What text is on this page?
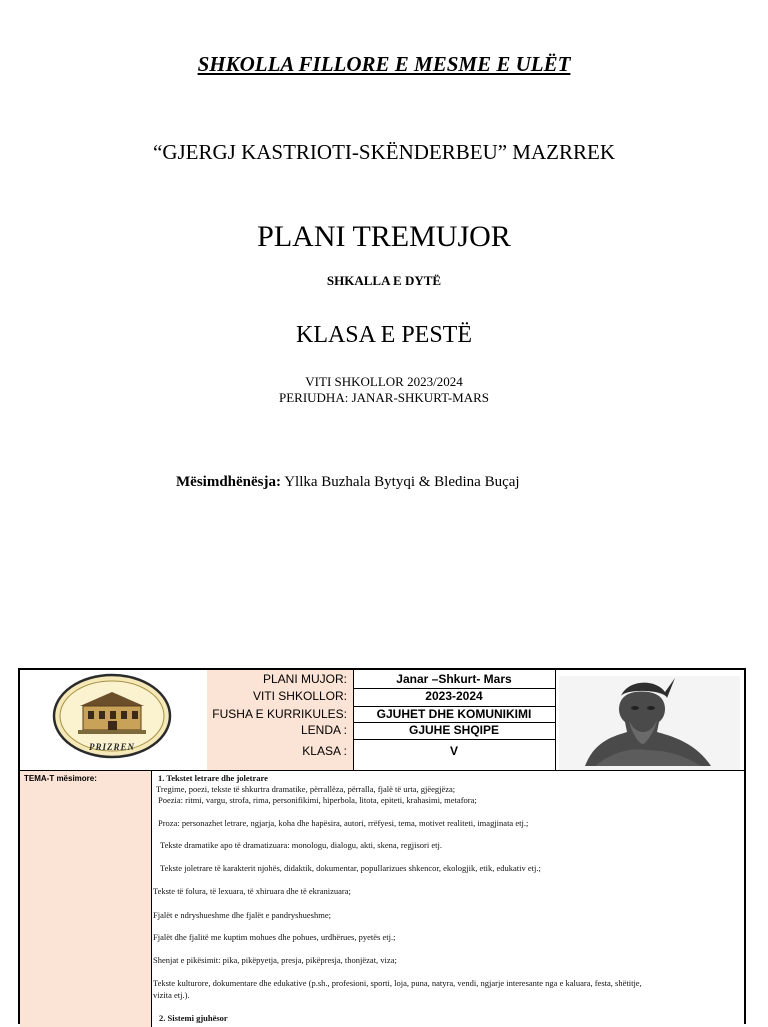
SHKOLLA FILLORE E MESME E ULËT
“GJERGJ KASTRIOTI-SKËNDERBEU” MAZRREK
PLANI TREMUJOR
SHKALLA E DYTË
KLASA E PESTË
VITI SHKOLLOR 2023/2024
PERIUDHA: JANAR-SHKURT-MARS
Mësimdhënësja: Yllka Buzhala Bytyqi & Bledina Buçaj
PRIZREN
PLANI MUJOR:
VITI SHKOLLOR:
FUSHA E KURRIKULES:
LENDA :
KLASA :
Janar –Shkurt- Mars
2023-2024
GJUHET DHE KOMUNIKIMI
GJUHE SHQIPE
V
TEMA-T mësimore:	1. Tekstet letrare dhe joletrare
Tregime, poezi, tekste të shkurtra dramatike, përrallëza, përralla, fjalë të urta, gjëegjëza;
Poezia: ritmi, vargu, strofa, rima, personifikimi, hiperbola, litota, epiteti, krahasimi, metafora;
Proza: personazhet letrare, ngjarja, koha dhe hapësira, autori, rrëfyesi, tema, motivet realiteti, imagjinata etj.;
Tekste dramatike apo të dramatizuara: monologu, dialogu, akti, skena, regjisori etj.
Tekste joletrare të karakterit njohës, didaktik, dokumentar, popullarizues shkencor, ekologjik, etik, edukativ etj.;
Tekste të folura, të lexuara, të xhiruara dhe të ekranizuara;
Fjalët e ndryshueshme dhe fjalët e pandryshueshme;
Fjalët dhe fjalitë me kuptim mohues dhe pohues, urdhërues, pyetës etj.;
Shenjat e pikësimit: pika, pikëpyetja, presja, pikëpresja, thonjëzat, viza;
Tekste kulturore, dokumentare dhe edukative (p.sh., profesioni, sporti, loja, puna, natyra, vendi, ngjarje interesante nga e kaluara, festa, shëtitje,
vizita etj.).
2. Sistemi gjuhësor
